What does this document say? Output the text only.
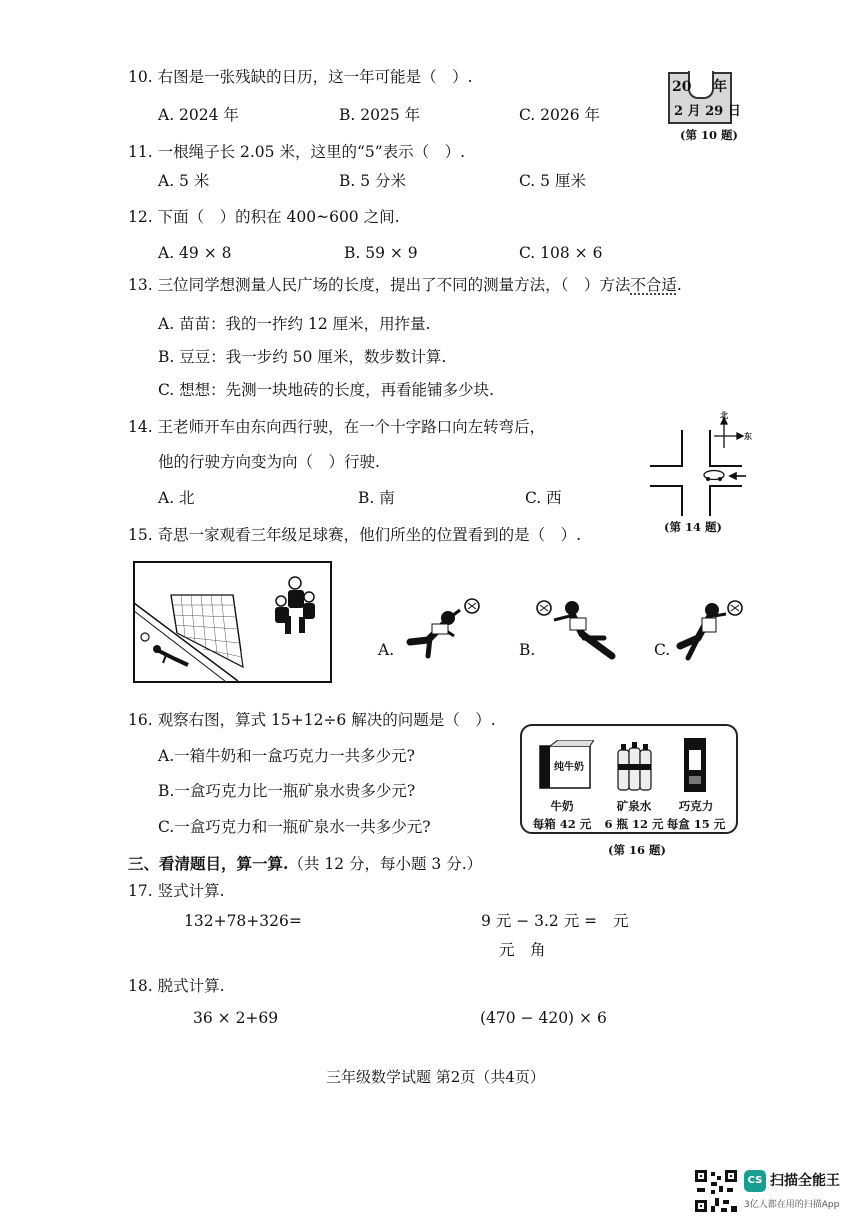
10. 右图是一张残缺的日历，这一年可能是（　）.
A. 2024 年	B. 2025 年	C. 2026 年
20 年
2 月 29 日
(第 10 题)
11. 一根绳子长 2.05 米，这里的“5”表示（　）.
A. 5 米	B. 5 分米	C. 5 厘米
12. 下面（　）的积在 400~600 之间.
A. 49 × 8	B. 59 × 9	C. 108 × 6
13. 三位同学想测量人民广场的长度，提出了不同的测量方法，（　）方法不合适.
A. 苗苗：我的一拃约 12 厘米，用拃量.
B. 豆豆：我一步约 50 厘米，数步数计算.
C. 想想：先测一块地砖的长度，再看能铺多少块.
14. 王老师开车由东向西行驶，在一个十字路口向左转弯后，
他的行驶方向变为向（　）行驶.
A. 北	B. 南	C. 西
北
东
(第 14 题)
15. 奇思一家观看三年级足球赛，他们所坐的位置看到的是（　）.
A.	B.	C.
16. 观察右图，算式 15+12÷6 解决的问题是（　）.
A.一箱牛奶和一盒巧克力一共多少元?
B.一盒巧克力比一瓶矿泉水贵多少元?
C.一盒巧克力和一瓶矿泉水一共多少元?
纯牛奶
牛奶
每箱 42 元
矿泉水
6 瓶 12 元
巧克力
每盒 15 元
(第 16 题)
三、看清题目，算一算.（共 12 分，每小题 3 分.）
17. 竖式计算.
132+78+326=	9 元 − 3.2 元 = 元
元　角
18. 脱式计算.
36 × 2+69	(470 − 420) × 6
三年级数学试题 第2页（共4页）
CS 扫描全能王
3亿人都在用的扫描App
